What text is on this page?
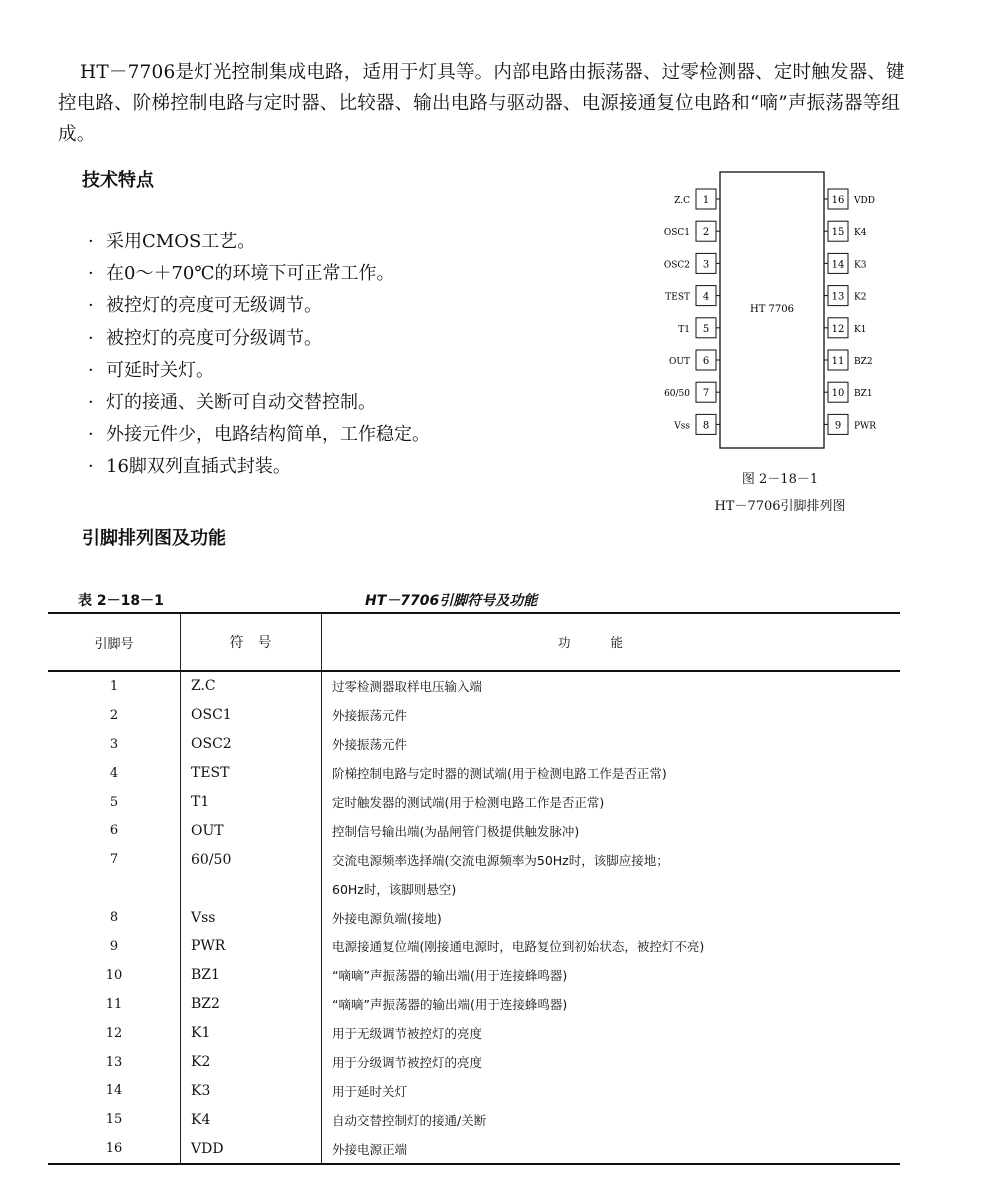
HT－7706是灯光控制集成电路，适用于灯具等。内部电路由振荡器、过零检测器、定时触发器、键控电路、阶梯控制电路与定时器、比较器、输出电路与驱动器、电源接通复位电路和“嘀”声振荡器等组成。

技术特点
· 采用CMOS工艺。
· 在0～＋70℃的环境下可正常工作。
· 被控灯的亮度可无级调节。
· 被控灯的亮度可分级调节。
· 可延时关灯。
· 灯的接通、关断可自动交替控制。
· 外接元件少，电路结构简单，工作稳定。
· 16脚双列直插式封装。
HT 7706
1
Z.C
2
OSC1
3
OSC2
4
TEST
5
T1
6
OUT
7
60/50
8
Vss
16 VDD
15 K4
14 K3
13 K2
12 K1
11 BZ2
10 BZ1
9 PWR
图 2－18－1
HT－7706引脚排列图
引脚排列图及功能
表 2－18－1	HT－7706引脚符号及功能
引脚号	符　号	功能
1	Z.C	过零检测器取样电压输入端
2	OSC1	外接振荡元件
3	OSC2	外接振荡元件
4	TEST	阶梯控制电路与定时器的测试端(用于检测电路工作是否正常)
5	T1	定时触发器的测试端(用于检测电路工作是否正常)
6	OUT	控制信号输出端(为晶闸管门极提供触发脉冲)
7	60/50	交流电源频率选择端(交流电源频率为50Hz时，该脚应接地；
		60Hz时，该脚则悬空)
8	Vss	外接电源负端(接地)
9	PWR	电源接通复位端(刚接通电源时，电路复位到初始状态，被控灯不亮)
10	BZ1	“嘀嘀”声振荡器的输出端(用于连接蜂鸣器)
11	BZ2	“嘀嘀”声振荡器的输出端(用于连接蜂鸣器)
12	K1	用于无级调节被控灯的亮度
13	K2	用于分级调节被控灯的亮度
14	K3	用于延时关灯
15	K4	自动交替控制灯的接通/关断
16	VDD	外接电源正端
